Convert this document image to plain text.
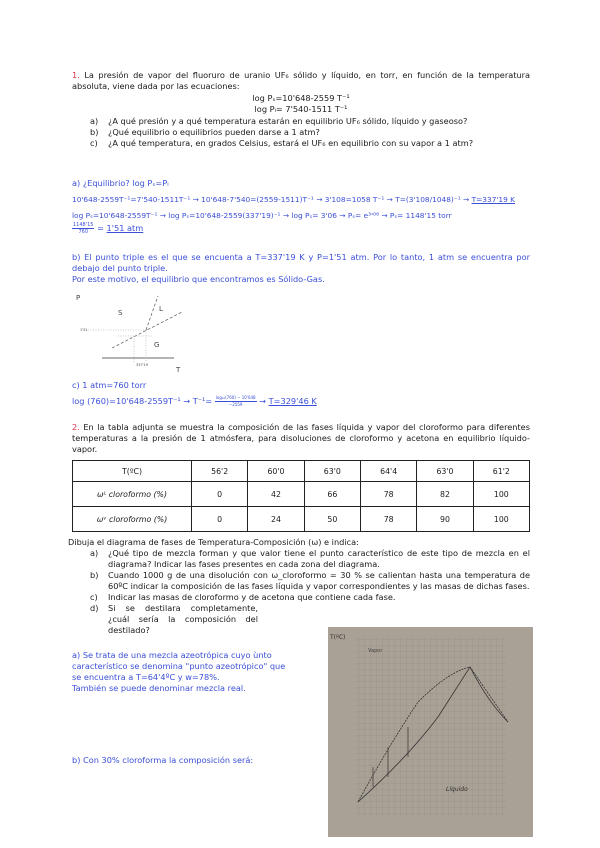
1. La presión de vapor del fluoruro de uranio UF₆ sólido y líquido, en torr, en función de la temperatura absoluta, viene dada por las ecuaciones:
log Pₛ=10'648-2559 T⁻¹
log Pₗ= 7'540-1511 T⁻¹
a) ¿A qué presión y a qué temperatura estarán en equilibrio UF₆ sólido, líquido y gaseoso?
b) ¿Qué equilibrio o equilibrios pueden darse a 1 atm?
c) ¿A qué temperatura, en grados Celsius, estará el UF₆ en equilibrio con su vapor a 1 atm?
a) ¿Equilibrio? log Pₛ=Pₗ
10'648-2559T⁻¹=7'540-1511T⁻¹ → 10'648-7'540=(2559-1511)T⁻¹ → 3'108=1058 T⁻¹ → T=(3'108/1048)⁻¹ → T=337'19 K
log Pₛ=10'648-2559T⁻¹ → log Pₛ=10'648-2559(337'19)⁻¹ → log Pₛ= 3'06 → Pₛ= e³'⁰⁶ → Pₛ= 1148'15 torr
$\frac{1148'15}{760} = 1'51$ atm
b) El punto triple es el que se encuenta a T=337'19 K y P=1'51 atm. Por lo tanto, 1 atm se encuentra por debajo del punto triple.
Por este motivo, el equilibrio que encontramos es Sólido-Gas.
P
S	L
G
1'51
337'19
T
c) 1 atm=760 torr
$\log (760)=10'648-2559T^{-1} \to T^{-1}= \frac{\text{log₁₀(760) − 10'648}}{-2559} \to T=329'46$ K
2. En la tabla adjunta se muestra la composición de las fases líquida y vapor del cloroformo para diferentes temperaturas a la presión de 1 atmósfera, para disoluciones de cloroformo y acetona en equilibrio líquido-vapor.
T(ºC)	56'2	60'0	63'0	64'4	63'0	61'2
ωᴸ cloroformo (%)	0	42	66	78	82	100
ωᵛ cloroformo (%)	0	24	50	78	90	100
Dibuja el diagrama de fases de Temperatura-Composición (ω) e indica:
a) ¿Qué tipo de mezcla forman y que valor tiene el punto característico de este tipo de mezcla en el diagrama? Indicar las fases presentes en cada zona del diagrama.
b) Cuando 1000 g de una disolución con ω_cloroformo = 30 % se calientan hasta una temperatura de 60ºC indicar la composición de las fases líquida y vapor correspondientes y las masas de dichas fases.
c) Indicar las masas de cloroformo y de acetona que contiene cada fase.
d) Si se destilara completamente, ¿cuál sería la composición del destilado?
a) Se trata de una mezcla azeotrópica cuyo ùnto
característico se denomina "punto azeotrópico" que
se encuentra a T=64'4ºC y w=78%.
También se puede denominar mezcla real.
b) Con 30% cloroforma la composición será:
T(ºC)
Vapor
Líquido
